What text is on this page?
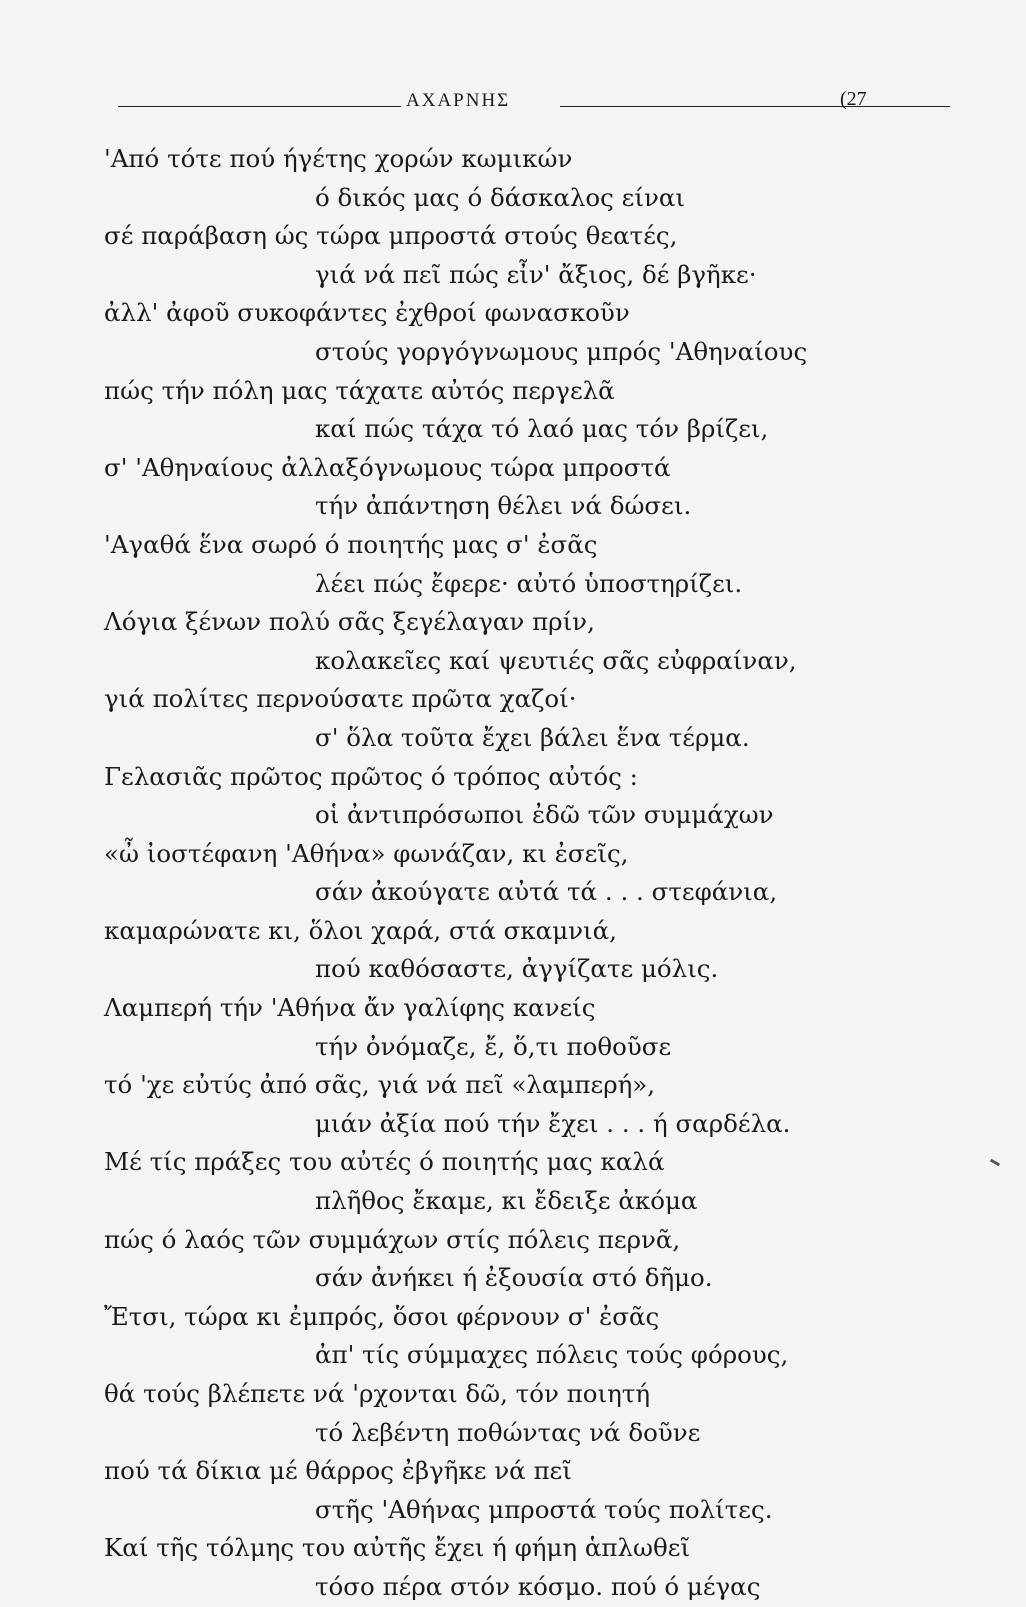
ΑΧΑΡΝΗΣ	(27
'Από τότε πού ήγέτης χορών κωμικών
ό δικός μας ό δάσκαλος είναι
σέ παράβαση ώς τώρα μπροστά στούς θεατές,
γιά νά πεῖ πώς εἶν' ἄξιος, δέ βγῆκε·
ἀλλ' ἀφοῦ συκοφάντες ἐχθροί φωνασκοῦν
στούς γοργόγνωμους μπρός 'Αθηναίους
πώς τήν πόλη μας τάχατε αὐτός περγελᾶ
καί πώς τάχα τό λαό μας τόν βρίζει,
σ' 'Αθηναίους ἀλλαξόγνωμους τώρα μπροστά
τήν ἀπάντηση θέλει νά δώσει.
'Αγαθά ἕνα σωρό ό ποιητής μας σ' ἐσᾶς
λέει πώς ἔφερε· αὐτό ὑποστηρίζει.
Λόγια ξένων πολύ σᾶς ξεγέλαγαν πρίν,
κολακεῖες καί ψευτιές σᾶς εὐφραίναν,
γιά πολίτες περνούσατε πρῶτα χαζοί·
σ' ὅλα τοῦτα ἔχει βάλει ἕνα τέρμα.
Γελασιᾶς πρῶτος πρῶτος ό τρόπος αὐτός :
οἱ ἀντιπρόσωποι ἐδῶ τῶν συμμάχων
«ὦ ἰοστέφανη 'Αθήνα» φωνάζαν, κι ἐσεῖς,
σάν ἀκούγατε αὐτά τά . . . στεφάνια,
καμαρώνατε κι, ὅλοι χαρά, στά σκαμνιά,
πού καθόσαστε, ἀγγίζατε μόλις.
Λαμπερή τήν 'Αθήνα ἄν γαλίφης κανείς
τήν ὀνόμαζε, ἔ, ὅ,τι ποθοῦσε
τό 'χε εὐτύς ἀπό σᾶς, γιά νά πεῖ «λαμπερή»,
μιάν ἀξία πού τήν ἔχει . . . ή σαρδέλα.
Μέ τίς πράξες του αὐτές ό ποιητής μας καλά
πλῆθος ἔκαμε, κι ἔδειξε ἀκόμα
πώς ό λαός τῶν συμμάχων στίς πόλεις περνᾶ,
σάν ἀνήκει ή ἐξουσία στό δῆμο.
Ἔτσι, τώρα κι ἐμπρός, ὅσοι φέρνουν σ' ἐσᾶς
ἀπ' τίς σύμμαχες πόλεις τούς φόρους,
θά τούς βλέπετε νά 'ρχονται δῶ, τόν ποιητή
τό λεβέντη ποθώντας νά δοῦνε
πού τά δίκια μέ θάρρος ἐβγῆκε νά πεῖ
στῆς 'Αθήνας μπροστά τούς πολίτες.
Καί τῆς τόλμης του αὐτῆς ἔχει ή φήμη ἁπλωθεῖ
τόσο πέρα στόν κόσμο. πού ό μέγας
